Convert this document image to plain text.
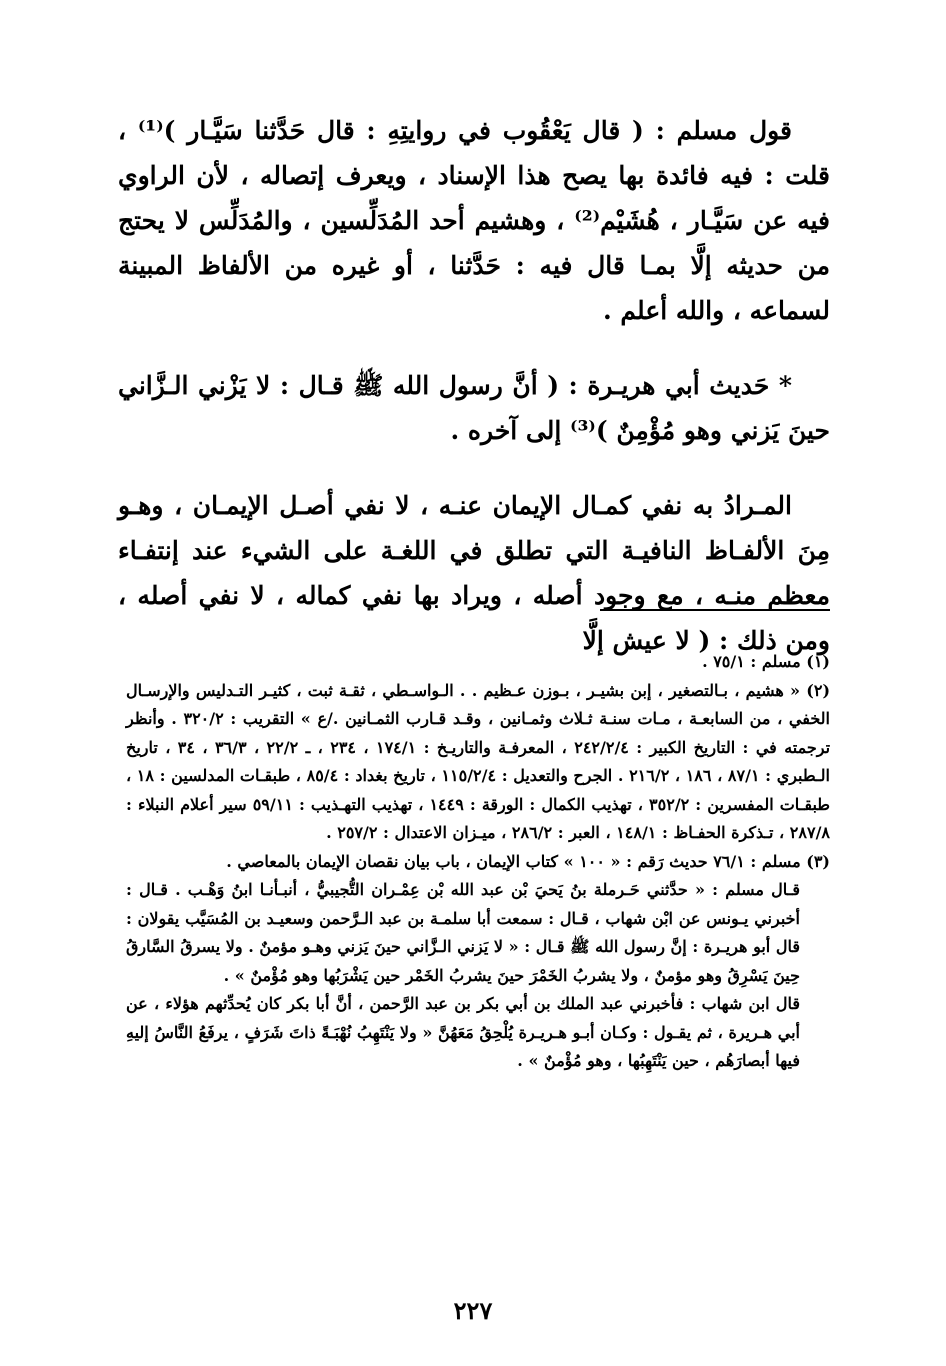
قول مسلم : ( قال يَعْقُوب في روايتِهِ : قال حَدَّثنا سَيَّـار )⁽¹⁾ ، قلت : فيه فائدة بها يصح هذا الإسناد ، ويعرف إتصاله ، لأن الراوي فيه عن سَيَّـار ، هُشَيْم⁽²⁾ ، وهشيم أحد المُدَلِّسين ، والمُدَلِّس لا يحتج من حديثه إلَّا بمـا قال فيه : حَدَّثنا ، أو غيره من الألفاظ المبينة لسماعه ، والله أعلم .

* حَديث أبي هريـرة : ( أنَّ رسول الله ﷺ قـال : لا يَزْني الـزَّاني حينَ يَزني وهو مُؤْمِنٌ )⁽³⁾ إلى آخره .

المـرادُ به نفي كمـال الإيمان عنـه ، لا نفي أصـل الإيمـان ، وهـو مِنَ الألفـاظ النافيـة التي تطلق في اللغـة على الشيء عند إنتفـاء معظم منـه ، مع وجود أصله ، ويراد بها نفي كماله ، لا نفي أصله ، ومن ذلك : ( لا عيش إلَّا

(١) مسلم : ٧٥/١ .

(٢) « هشيم ، بـالتصغير ، إبن بشيـر ، بـوزن عـظيم . . الـواسـطي ، ثقـة ثبت ، كثيـر التـدليس والإرسـال الخفي ، من السابعـة ، مـات سنـة ثـلاث وثمـانين ، وقـد قـارب الثمـانين ./ع » التقريب : ٣٢٠/٢ . وأنظر ترجمته في : التاريخ الكبير : ٢٤٢/٢/٤ ، المعرفـة والتاريـخ : ١٧٤/١ ، ٢٣٤ ، ـ ٢٢/٢ ، ٣٦/٣ ، ٣٤ ، تاريخ الـطبري : ٨٧/١ ، ١٨٦ ، ٢١٦/٢ . الجرح والتعديل : ١١٥/٢/٤ ، تاريخ بغداد : ٨٥/٤ ، طبقـات المدلسين : ١٨ ، طبقـات المفسرين : ٣٥٢/٢ ، تهذيب الكمال : الورقة : ١٤٤٩ ، تهذيب التهـذيب : ٥٩/١١ سير أعلام النبلاء : ٢٨٧/٨ ، تـذكرة الحفـاظ : ١٤٨/١ ، العبر : ٢٨٦/٢ ، ميـزان الاعتدال : ٢٥٧/٢ .

(٣) مسلم : ٧٦/١ حديث رَقم : « ١٠٠ » كتاب الإيمان ، باب بيان نقصان الإيمان بالمعاصي .

قـال مسلم : « حدَّثني حَـرملة بنُ يَحيَ بْن عبد الله بْن عِمْـران التُّجيبيُّ ، أنبـأنـا ابنُ وَهْـب . قـال : أخبرني يـونس عن ابْن شهاب ، قـال : سمعت أبا سلمـة بن عبد الـرَّحمن وسعيـد بن المُسَيَّب يقولان : قال أبو هريـرة : إنَّ رسول الله ﷺ قـال : « لا يَزني الـزَّاني حينَ يَزني وهـو مؤمنٌ . ولا يسرقُ السَّارقُ حِينَ يَسْرِقُ وهو مؤمنٌ ، ولا يشربُ الخَمْرَ حينَ يشربُ الخَمْر حين يَشْرَبُها وهو مُؤْمنٌ » .

قال ابن شهاب : فأخبرني عبد الملك بن أبي بكر بن عبد الرَّحمن ، أنَّ أبا بكر كان يُحدِّثهم هؤلاء ، عن أبي هـريرة ، ثم يقـول : وكـان أبـو هـريـرة يُلْحِقُ مَعَهُنَّ « ولا يَنْتَهِبُ نُهْبَـةً ذاتَ شَرَفٍ ، يرفَعُ النَّاسُ إليهِ فيها أبصارَهُم ، حين يَنْتَهِبُها ، وهو مُؤْمنٌ » .

٢٢٧
